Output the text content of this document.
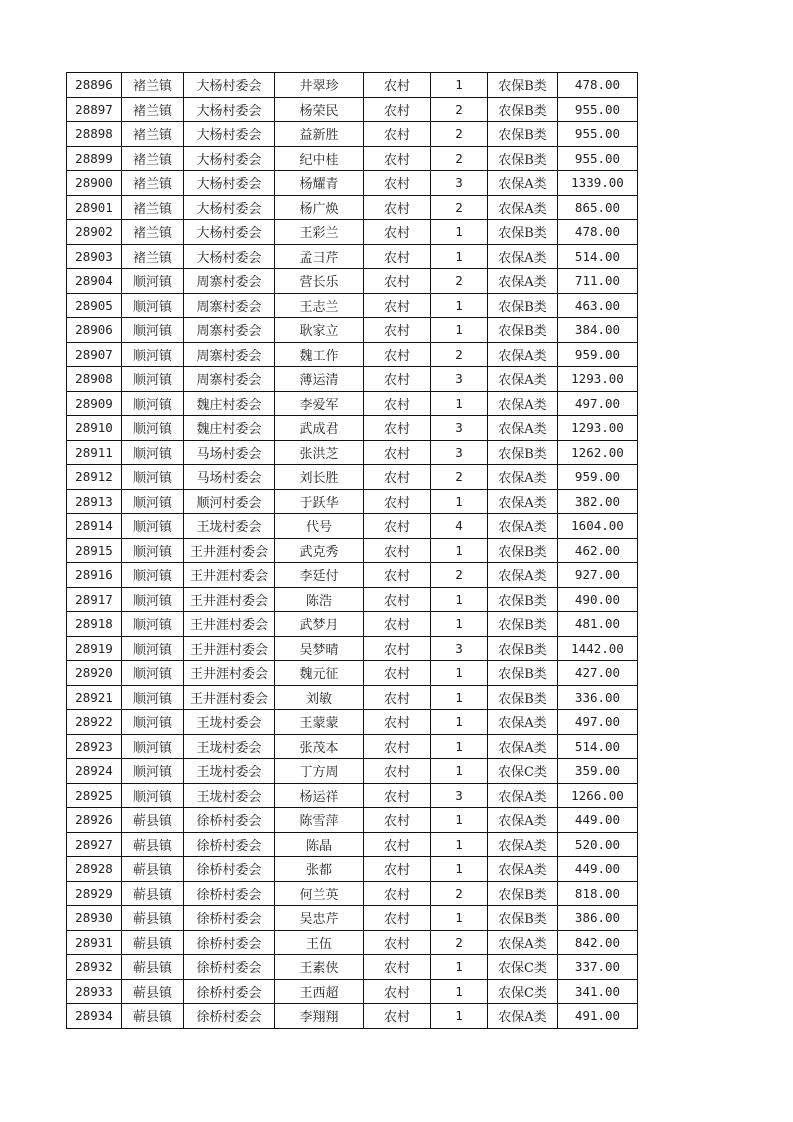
28896	褚兰镇	大杨村委会	井翠珍	农村	1	农保B类	478.00
28897	褚兰镇	大杨村委会	杨荣民	农村	2	农保B类	955.00
28898	褚兰镇	大杨村委会	益新胜	农村	2	农保B类	955.00
28899	褚兰镇	大杨村委会	纪中桂	农村	2	农保B类	955.00
28900	褚兰镇	大杨村委会	杨耀青	农村	3	农保A类	1339.00
28901	褚兰镇	大杨村委会	杨广焕	农村	2	农保A类	865.00
28902	褚兰镇	大杨村委会	王彩兰	农村	1	农保B类	478.00
28903	褚兰镇	大杨村委会	孟彐芹	农村	1	农保A类	514.00
28904	顺河镇	周寨村委会	营长乐	农村	2	农保A类	711.00
28905	顺河镇	周寨村委会	王志兰	农村	1	农保B类	463.00
28906	顺河镇	周寨村委会	耿家立	农村	1	农保B类	384.00
28907	顺河镇	周寨村委会	魏工作	农村	2	农保A类	959.00
28908	顺河镇	周寨村委会	薄运清	农村	3	农保A类	1293.00
28909	顺河镇	魏庄村委会	李爱军	农村	1	农保A类	497.00
28910	顺河镇	魏庄村委会	武成君	农村	3	农保A类	1293.00
28911	顺河镇	马场村委会	张洪芝	农村	3	农保B类	1262.00
28912	顺河镇	马场村委会	刘长胜	农村	2	农保A类	959.00
28913	顺河镇	顺河村委会	于跃华	农村	1	农保A类	382.00
28914	顺河镇	王垅村委会	代号	农村	4	农保A类	1604.00
28915	顺河镇	王井涯村委会	武克秀	农村	1	农保B类	462.00
28916	顺河镇	王井涯村委会	李廷付	农村	2	农保A类	927.00
28917	顺河镇	王井涯村委会	陈浩	农村	1	农保B类	490.00
28918	顺河镇	王井涯村委会	武梦月	农村	1	农保B类	481.00
28919	顺河镇	王井涯村委会	吴梦晴	农村	3	农保B类	1442.00
28920	顺河镇	王井涯村委会	魏元征	农村	1	农保B类	427.00
28921	顺河镇	王井涯村委会	刘敏	农村	1	农保B类	336.00
28922	顺河镇	王垅村委会	王蒙蒙	农村	1	农保A类	497.00
28923	顺河镇	王垅村委会	张茂本	农村	1	农保A类	514.00
28924	顺河镇	王垅村委会	丁方周	农村	1	农保C类	359.00
28925	顺河镇	王垅村委会	杨运祥	农村	3	农保A类	1266.00
28926	蕲县镇	徐桥村委会	陈雪萍	农村	1	农保A类	449.00
28927	蕲县镇	徐桥村委会	陈晶	农村	1	农保A类	520.00
28928	蕲县镇	徐桥村委会	张都	农村	1	农保A类	449.00
28929	蕲县镇	徐桥村委会	何兰英	农村	2	农保B类	818.00
28930	蕲县镇	徐桥村委会	吴忠芹	农村	1	农保B类	386.00
28931	蕲县镇	徐桥村委会	王伍	农村	2	农保A类	842.00
28932	蕲县镇	徐桥村委会	王素侠	农村	1	农保C类	337.00
28933	蕲县镇	徐桥村委会	王西超	农村	1	农保C类	341.00
28934	蕲县镇	徐桥村委会	李翔翔	农村	1	农保A类	491.00
